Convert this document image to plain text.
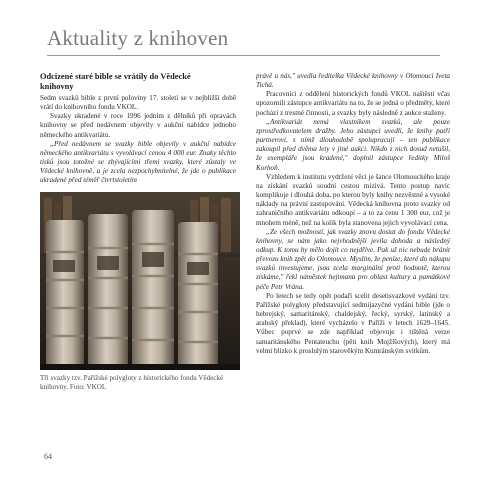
Aktuality z knihoven
Odcizené staré bible se vrátily do Vědecké
knihovny

Sedm svazků bible z první poloviny 17. století se v nejbližší době vrátí do knihovního fondu VKOL.

Svazky ukradené v roce 1996 jedním z dělníků při opravách knihovny se před nedávnem objevily v aukční nabídce jednoho německého antikvariátu.

„Před nedávnem se svazky bible objevily v aukční nabídce německého antikvariátu s vyvolávací cenou 4 000 eur. Znaky těchto tisků jsou totožné se zbývajícími třemi svazky, které zůstaly ve Vědecké knihovně, a je zcela nezpochybnitelné, že jde o publikace ukradené před téměř čtvrtstoletím

právě u nás," uvedla ředitelka Vědecké knihovny v Olomouci Iveta Tichá.

Pracovníci z oddělení historických fondů VKOL naštěstí včas upozornili zástupce antikvariátu na to, že se jedná o předměty, které pochází z trestné činnosti, a svazky byly následně z aukce staženy.

„Antikvariát nemá vlastníkem svazků, ale pouze zprostředkovatelem dražby. Jeho zástupci uvedli, že knihy patří partnerovi, s nímž dlouhodobě spolupracují – ten publikace zakoupil před dvěma lety v jiné aukci. Nikdo z nich dosud netušil, že exempláře jsou kradené," doplnil zástupce ředitky Miloš Korhoň.

Vzhledem k institutu vydržení věci je šance Olomouckého kraje na získání svazků soudní cestou mizivá. Tento postup navíc komplikuje i dlouhá doba, po kterou byly knihy nezvěstné a vysoké náklady na právní zastupování. Vědecká knihovna proto svazky od zahraničního antikvariátu odkoupí – a to za cenu 1 300 eur, což je mnohem méně, než na kolik byla stanovena jejich vyvolávací cena.

„Ze všech možností, jak svazky znovu dostat do fondu Vědecké knihovny, se nám jako nejvhodnější jevila dohoda a následný odkup. K tomu by mělo dojít co nejdříve. Pak už nic nebude bránit převozu knih zpět do Olomouce. Myslím, že peníze, které do nákupu svazků investujeme, jsou zcela marginální proti hodnotě, kterou získáme," řekl náměstek hejtmana pro oblast kultury a památkové péče Petr Vrána.

Po letech se tedy opět podaří scelit desetisvazkové vydání tzv. Pařížské polygloty představující sedmijazyčné vydání bible (jde o hebrejský, samaritánský, chaldejský, řecký, syrský, latinský a arabský překlad), které vycházelo v Paříži v letech 1629–1645. Vůbec poprvé se zde například objevuje i tištěná verze samaritánského Pentateuchu (pěti knih Mojžíšových), který má velmi blízko k proslulým starověkým Kumránským svitkům.

Tři svazky tzv. Pařížské polygloty z historického fondu Vědecké knihovny. Foto: VKOL
64
